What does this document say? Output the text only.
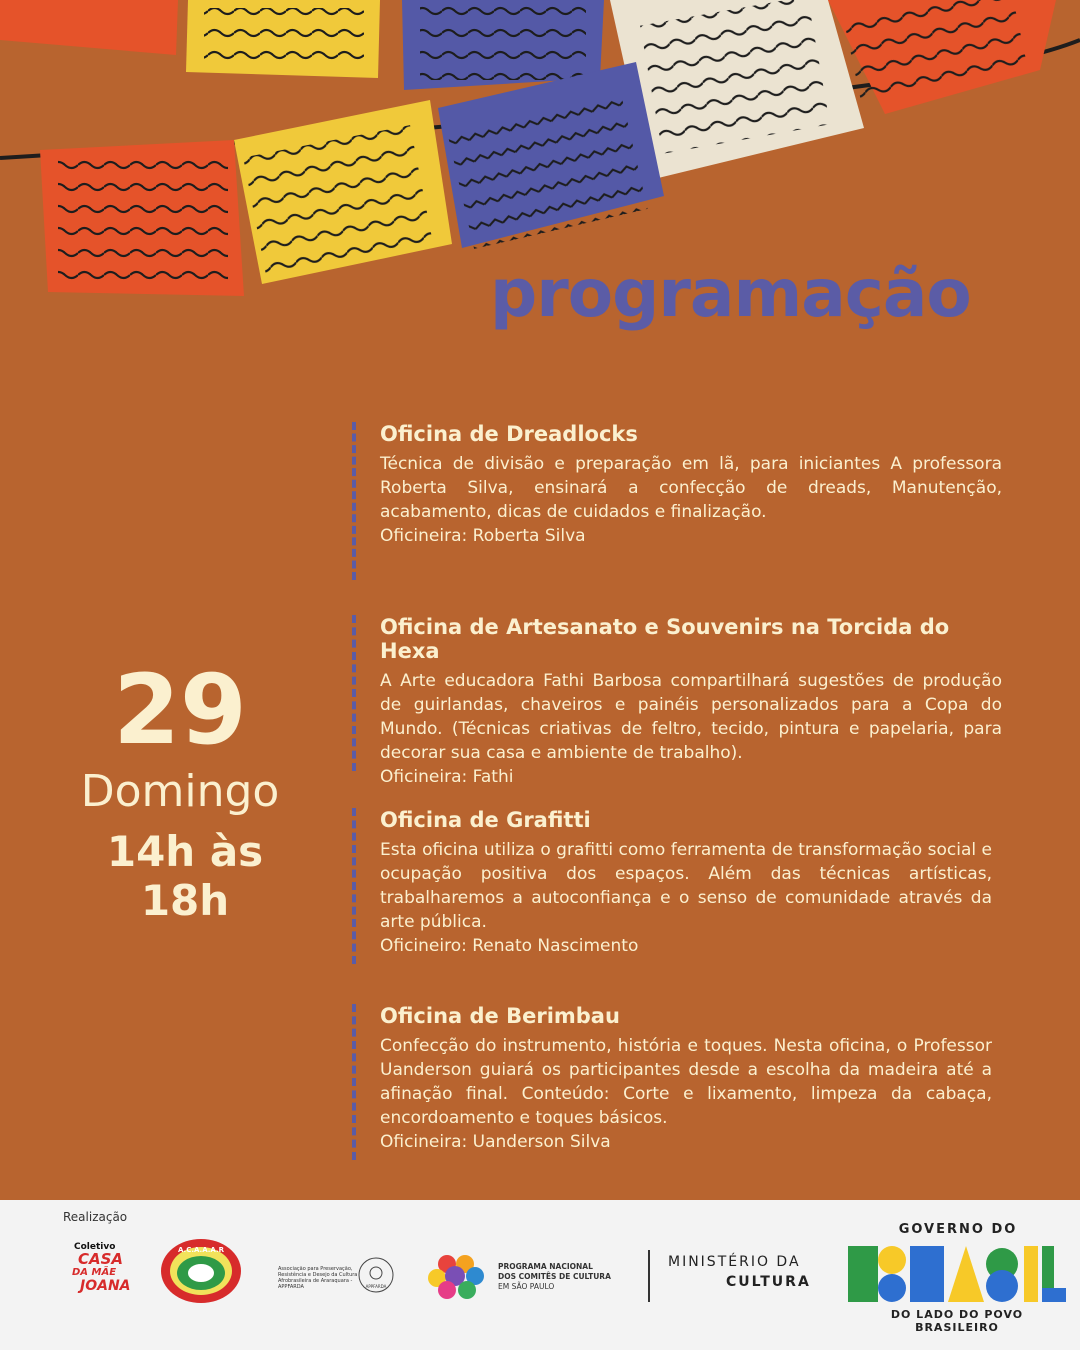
programação
29
Domingo
14h às 18h
Oficina de Dreadlocks

Técnica de divisão e preparação em lã, para iniciantes A professora Roberta Silva, ensinará a confecção de dreads, Manutenção, acabamento, dicas de cuidados e finalização.

Oficineira: Roberta Silva

Oficina de Artesanato e Souvenirs na Torcida do Hexa

A Arte educadora Fathi Barbosa compartilhará sugestões de produção de guirlandas, chaveiros e painéis personalizados para a Copa do Mundo. (Técnicas criativas de feltro, tecido, pintura e papelaria, para decorar sua casa e ambiente de trabalho).

Oficineira: Fathi

Oficina de Grafitti

Esta oficina utiliza o grafitti como ferramenta de transformação social e ocupação positiva dos espaços. Além das técnicas artísticas, trabalharemos a autoconfiança e o senso de comunidade através da arte pública.

Oficineiro: Renato Nascimento

Oficina de Berimbau

Confecção do instrumento, história e toques. Nesta oficina, o Professor Uanderson guiará os participantes desde a escolha da madeira até a afinação final. Conteúdo: Corte e lixamento, limpeza da cabaça, encordoamento e toques básicos.

Oficineira: Uanderson Silva

Realização
Coletivo
CASA
DA MÃE
JOANA
A.C.A.A.A.R
Associação para Preservação, Resistência e Desejo da Cultura Afrobrasileira de Araraquara - APPFARDA	APPFARDA
PROGRAMA NACIONAL
DOS COMITÊS DE CULTURA
EM SÃO PAULO
MINISTÉRIO DA
CULTURA
GOVERNO DO
DO LADO DO POVO BRASILEIRO
